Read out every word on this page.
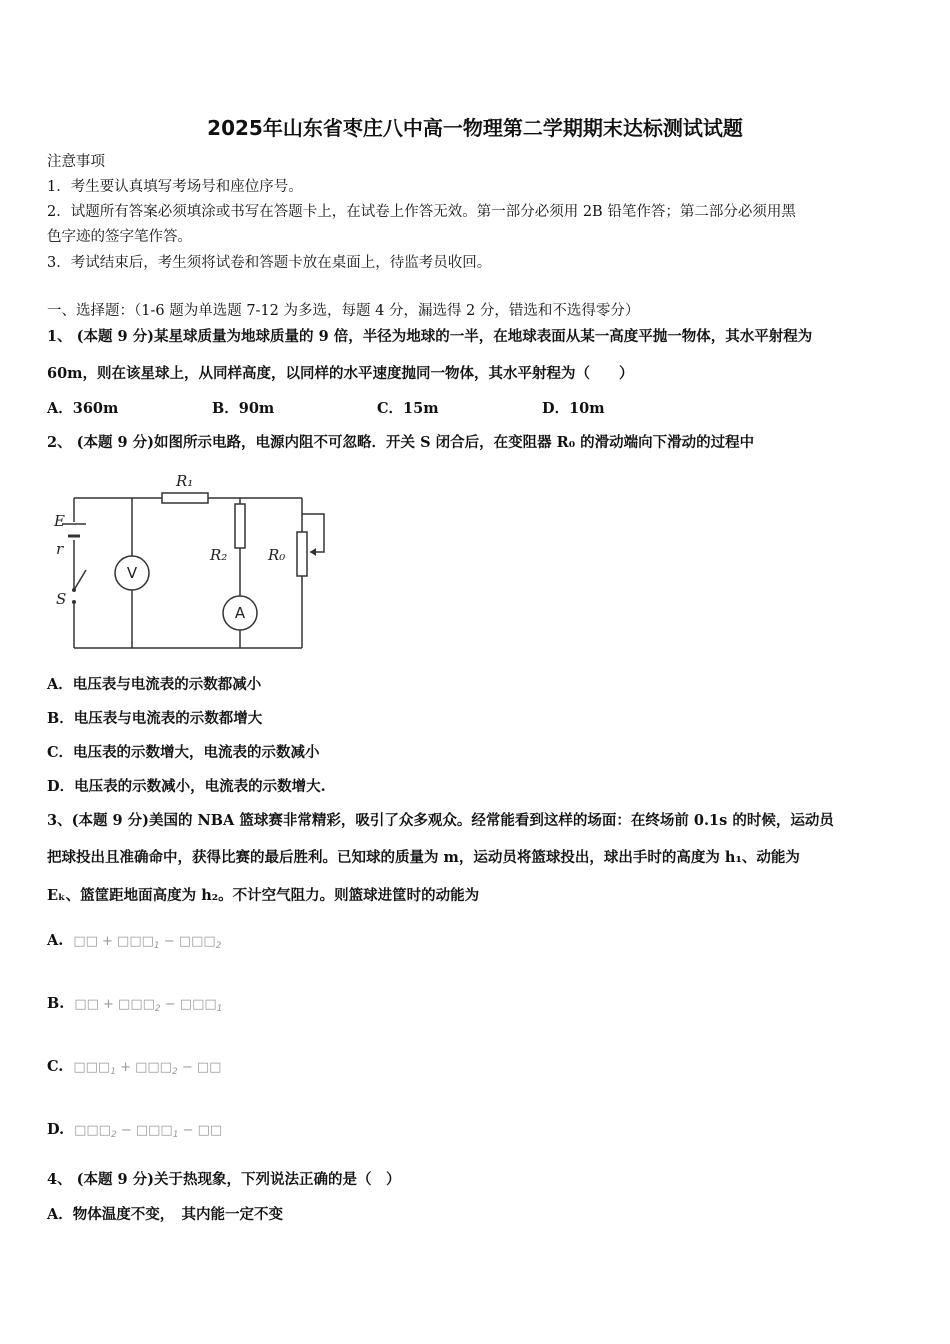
2025年山东省枣庄八中高一物理第二学期期末达标测试试题
注意事项
1．考生要认真填写考场号和座位序号。
2．试题所有答案必须填涂或书写在答题卡上，在试卷上作答无效。第一部分必须用 2B 铅笔作答；第二部分必须用黑
色字迹的签字笔作答。
3．考试结束后，考生须将试卷和答题卡放在桌面上，待监考员收回。
一、选择题：（1-6 题为单选题 7-12 为多选，每题 4 分，漏选得 2 分，错选和不选得零分）
1、 (本题 9 分)某星球质量为地球质量的 9 倍，半径为地球的一半，在地球表面从某一高度平抛一物体，其水平射程为
60m，则在该星球上，从同样高度，以同样的水平速度抛同一物体，其水平射程为（　　）
A．360m	B．90m	C．15m	D．10m
2、 (本题 9 分)如图所示电路，电源内阻不可忽略．开关 S 闭合后，在变阻器 R₀ 的滑动端向下滑动的过程中
R₁
E
r
S
R₂	R₀
V
A
A．电压表与电流表的示数都减小
B．电压表与电流表的示数都增大
C．电压表的示数增大，电流表的示数减小
D．电压表的示数减小，电流表的示数增大.
3、(本题 9 分)美国的 NBA 篮球赛非常精彩，吸引了众多观众。经常能看到这样的场面：在终场前 0.1s 的时候，运动员
把球投出且准确命中，获得比赛的最后胜利。已知球的质量为 m，运动员将篮球投出，球出手时的高度为 h₁、动能为
Eₖ、篮筐距地面高度为 h₂。不计空气阻力。则篮球进筐时的动能为
A. □□ + $□□□_1$ − $□□□_2$
B. □□ + $□□□_2$ − $□□□_1$
C. $□□□_1$ + $□□□_2$ − □□
D. $□□□_2$ − $□□□_1$ − □□
4、 (本题 9 分)关于热现象，下列说法正确的是（　）
A．物体温度不变，　其内能一定不变
